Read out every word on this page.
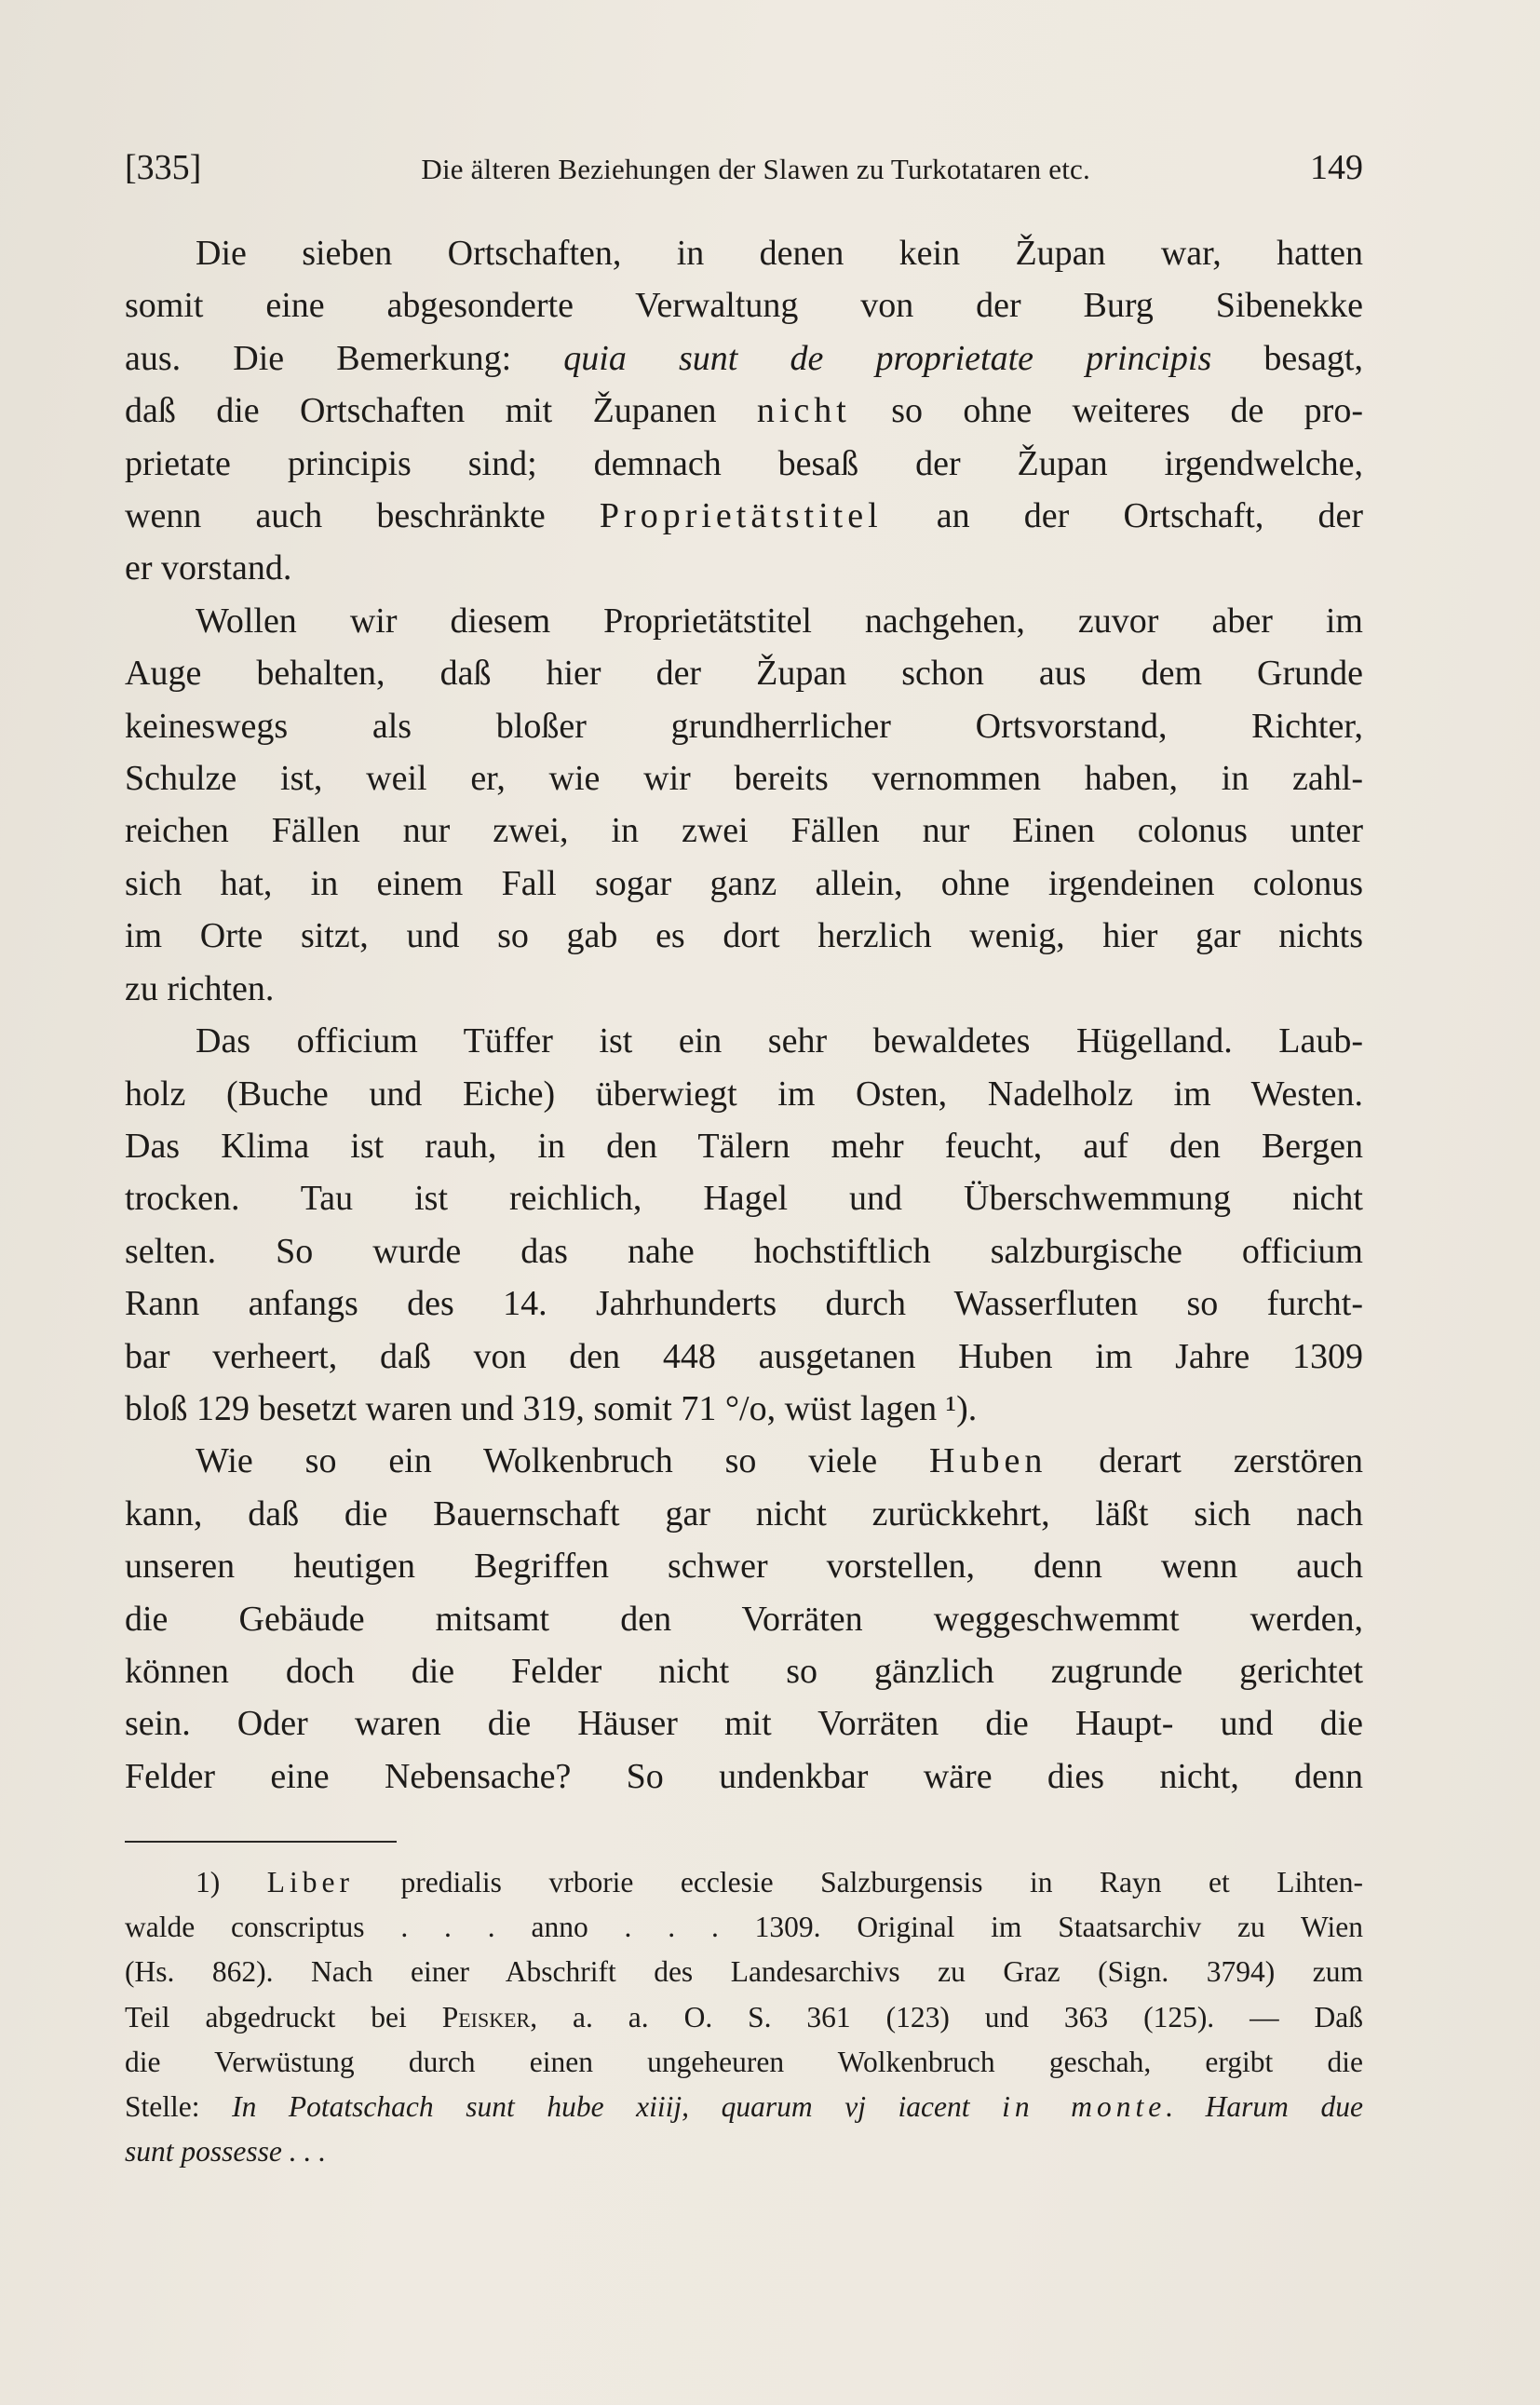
[335]	Die älteren Beziehungen der Slawen zu Turkotataren etc.	149

Die sieben Ortschaften, in denen kein Župan war, hatten
somit eine abgesonderte Verwaltung von der Burg Sibenekke
aus. Die Bemerkung: quia sunt de proprietate principis besagt,
daß die Ortschaften mit Županen nicht so ohne weiteres de pro-
prietate principis sind; demnach besaß der Župan irgendwelche,
wenn auch beschränkte Proprietätstitel an der Ortschaft, der
er vorstand.

Wollen wir diesem Proprietätstitel nachgehen, zuvor aber im
Auge behalten, daß hier der Župan schon aus dem Grunde
keineswegs als bloßer grundherrlicher Ortsvorstand, Richter,
Schulze ist, weil er, wie wir bereits vernommen haben, in zahl-
reichen Fällen nur zwei, in zwei Fällen nur Einen colonus unter
sich hat, in einem Fall sogar ganz allein, ohne irgendeinen colonus
im Orte sitzt, und so gab es dort herzlich wenig, hier gar nichts
zu richten.

Das officium Tüffer ist ein sehr bewaldetes Hügelland. Laub-
holz (Buche und Eiche) überwiegt im Osten, Nadelholz im Westen.
Das Klima ist rauh, in den Tälern mehr feucht, auf den Bergen
trocken. Tau ist reichlich, Hagel und Überschwemmung nicht
selten. So wurde das nahe hochstiftlich salzburgische officium
Rann anfangs des 14. Jahrhunderts durch Wasserfluten so furcht-
bar verheert, daß von den 448 ausgetanen Huben im Jahre 1309
bloß 129 besetzt waren und 319, somit 71 °/o, wüst lagen ¹).

Wie so ein Wolkenbruch so viele Huben derart zerstören
kann, daß die Bauernschaft gar nicht zurückkehrt, läßt sich nach
unseren heutigen Begriffen schwer vorstellen, denn wenn auch
die Gebäude mitsamt den Vorräten weggeschwemmt werden,
können doch die Felder nicht so gänzlich zugrunde gerichtet
sein. Oder waren die Häuser mit Vorräten die Haupt- und die
Felder eine Nebensache? So undenkbar wäre dies nicht, denn

1) Liber predialis vrborie ecclesie Salzburgensis in Rayn et Lihten-
walde conscriptus . . . anno . . . 1309. Original im Staatsarchiv zu Wien
(Hs. 862). Nach einer Abschrift des Landesarchivs zu Graz (Sign. 3794) zum
Teil abgedruckt bei Peisker, a. a. O. S. 361 (123) und 363 (125). — Daß
die Verwüstung durch einen ungeheuren Wolkenbruch geschah, ergibt die
Stelle: In Potatschach sunt hube xiiij, quarum vj iacent in monte. Harum due
sunt possesse . . .
